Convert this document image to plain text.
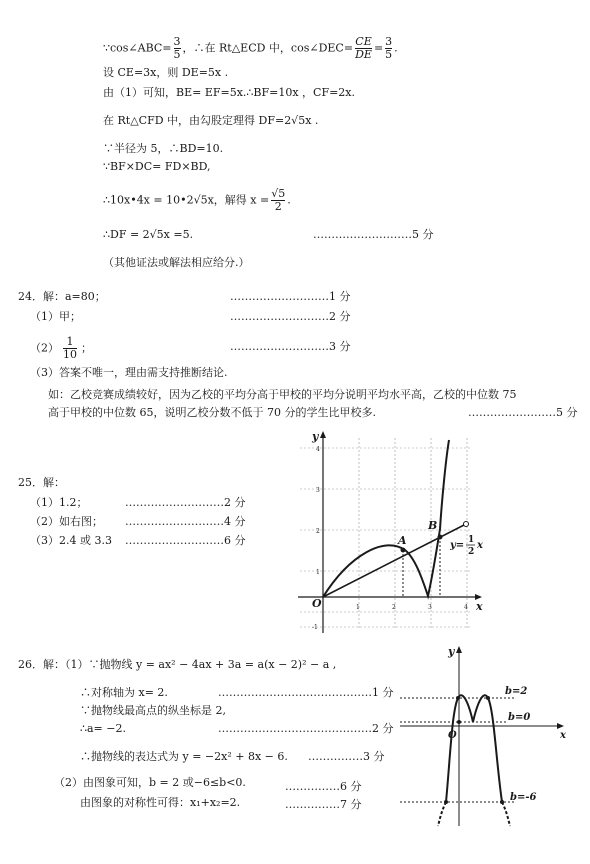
∵cos∠ABC= $\frac{3}{5}$ ，∴在 Rt△ECD 中，cos∠DEC= $\frac{CE}{DE} = \frac{3}{5}$ .
设 CE=3x，则 DE=5x .
由（1）可知，BE= EF=5x.∴BF=10x ，CF=2x.
在 Rt△CFD 中，由勾股定理得 DF=2√5x .
∵半径为 5，∴BD=10.
∵BF×DC= FD×BD,
∴10x•4x = 10•2√5x，解得 $x = \frac{√5}{2}$ .
∴DF = 2√5x =5.	………………………5 分
（其他证法或解法相应给分.）
24．解：a=80；	………………………1 分
（1）甲；	………………………2 分
$(2) \frac{1}{10}$ ；	………………………3 分
（3）答案不唯一，理由需支持推断结论.
如：乙校竞赛成绩较好，因为乙校的平均分高于甲校的平均分说明平均水平高，乙校的中位数 75
高于甲校的中位数 65，说明乙校分数不低于 70 分的学生比甲校多.	……………………5 分
25．解：
（1）1.2；	………………………2 分
（2）如右图； ………………………4 分
（3）2.4 或 3.3 ………………………6 分
y
x
O	1	2	3	4
4
3
2
1
-1
A
B
y= 1
2
x
26．解：（1）∵抛物线 y = ax² − 4ax + 3a = a(x − 2)² − a ,
∴对称轴为 x= 2.	……………………………………1 分
∵抛物线最高点的纵坐标是 2,
∴a= −2.	……………………………………2 分
∴抛物线的表达式为 y = −2x² + 8x − 6. ……………3 分
（2）由图象可知，b = 2 或−6≤b<0.	……………6 分
由图象的对称性可得：x₁+x₂=2.	……………7 分
y
x
O
b=2
b=0
b=-6
